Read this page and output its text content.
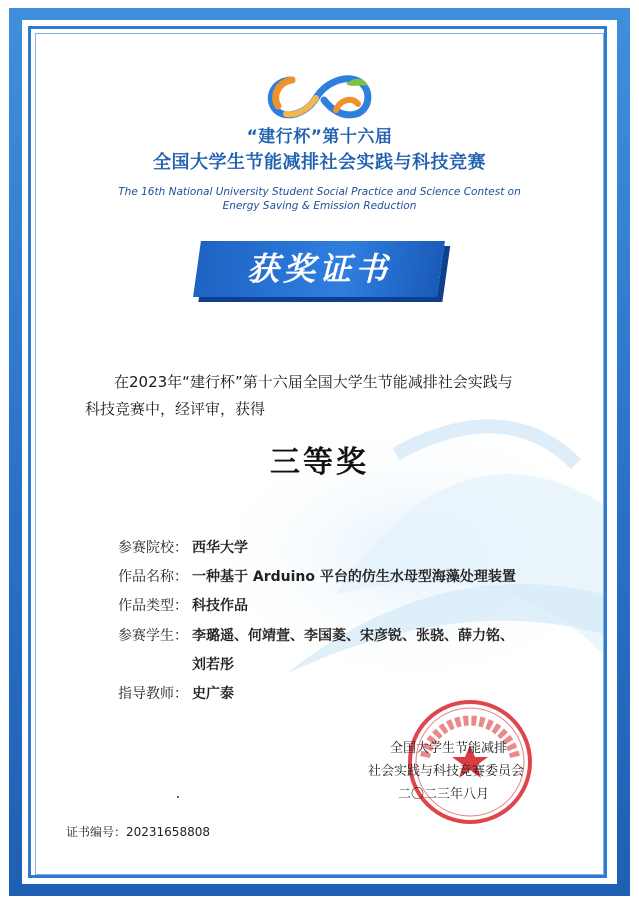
“建行杯”第十六届
全国大学生节能减排社会实践与科技竞赛
The 16th National University Student Social Practice and Science Contest on
Energy Saving & Emission Reduction
获奖证书
在2023年“建行杯”第十六届全国大学生节能减排社会实践与
科技竞赛中，经评审，获得
三等奖
参赛院校： 西华大学
作品名称： 一种基于 Arduino 平台的仿生水母型海藻处理装置
作品类型： 科技作品
参赛学生： 李璐遥、何靖萱、李国菱、宋彦锐、张骁、薛力铭、
刘若彤
指导教师： 史广泰
全国大学生节能减排
社会实践与科技竞赛委员会
二〇二三年八月
证书编号：20231658808
